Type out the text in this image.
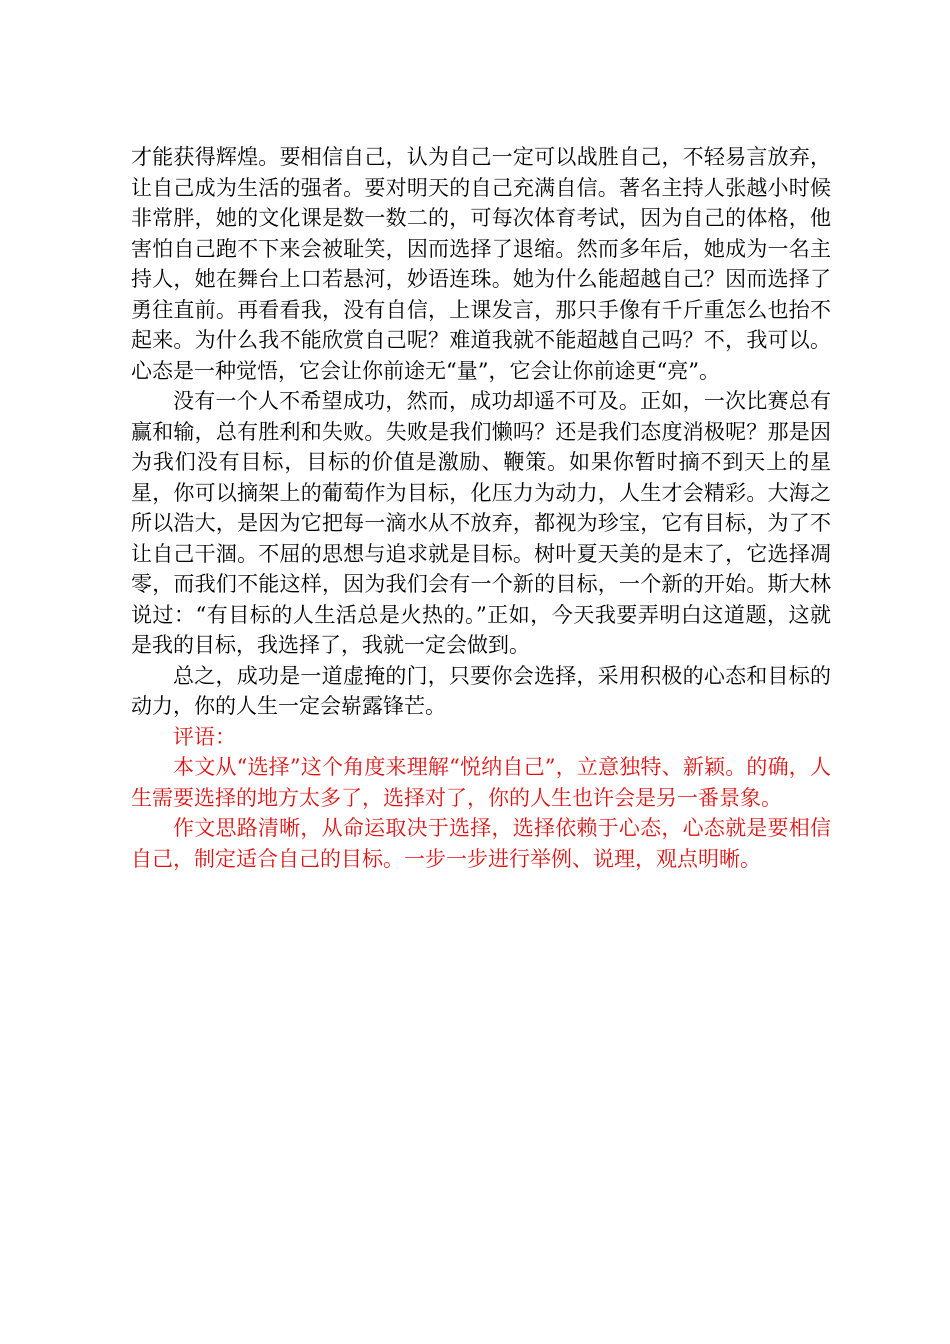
才能获得辉煌。要相信自己，认为自己一定可以战胜自己，不轻易言放弃，让自己成为生活的强者。要对明天的自己充满自信。著名主持人张越小时候非常胖，她的文化课是数一数二的，可每次体育考试，因为自己的体格，他害怕自己跑不下来会被耻笑，因而选择了退缩。然而多年后，她成为一名主持人，她在舞台上口若悬河，妙语连珠。她为什么能超越自己？因而选择了勇往直前。再看看我，没有自信，上课发言，那只手像有千斤重怎么也抬不起来。为什么我不能欣赏自己呢？难道我就不能超越自己吗？不，我可以。心态是一种觉悟，它会让你前途无“量”，它会让你前途更“亮”。

没有一个人不希望成功，然而，成功却遥不可及。正如，一次比赛总有赢和输，总有胜利和失败。失败是我们懒吗？还是我们态度消极呢？那是因为我们没有目标，目标的价值是激励、鞭策。如果你暂时摘不到天上的星星，你可以摘架上的葡萄作为目标，化压力为动力，人生才会精彩。大海之所以浩大，是因为它把每一滴水从不放弃，都视为珍宝，它有目标，为了不让自己干涸。不屈的思想与追求就是目标。树叶夏天美的是末了，它选择凋零，而我们不能这样，因为我们会有一个新的目标，一个新的开始。斯大林说过：“有目标的人生活总是火热的。”正如，今天我要弄明白这道题，这就是我的目标，我选择了，我就一定会做到。

总之，成功是一道虚掩的门，只要你会选择，采用积极的心态和目标的动力，你的人生一定会崭露锋芒。

评语：

本文从“选择”这个角度来理解“悦纳自己”，立意独特、新颖。的确，人生需要选择的地方太多了，选择对了，你的人生也许会是另一番景象。

作文思路清晰，从命运取决于选择，选择依赖于心态，心态就是要相信自己，制定适合自己的目标。一步一步进行举例、说理，观点明晰。
